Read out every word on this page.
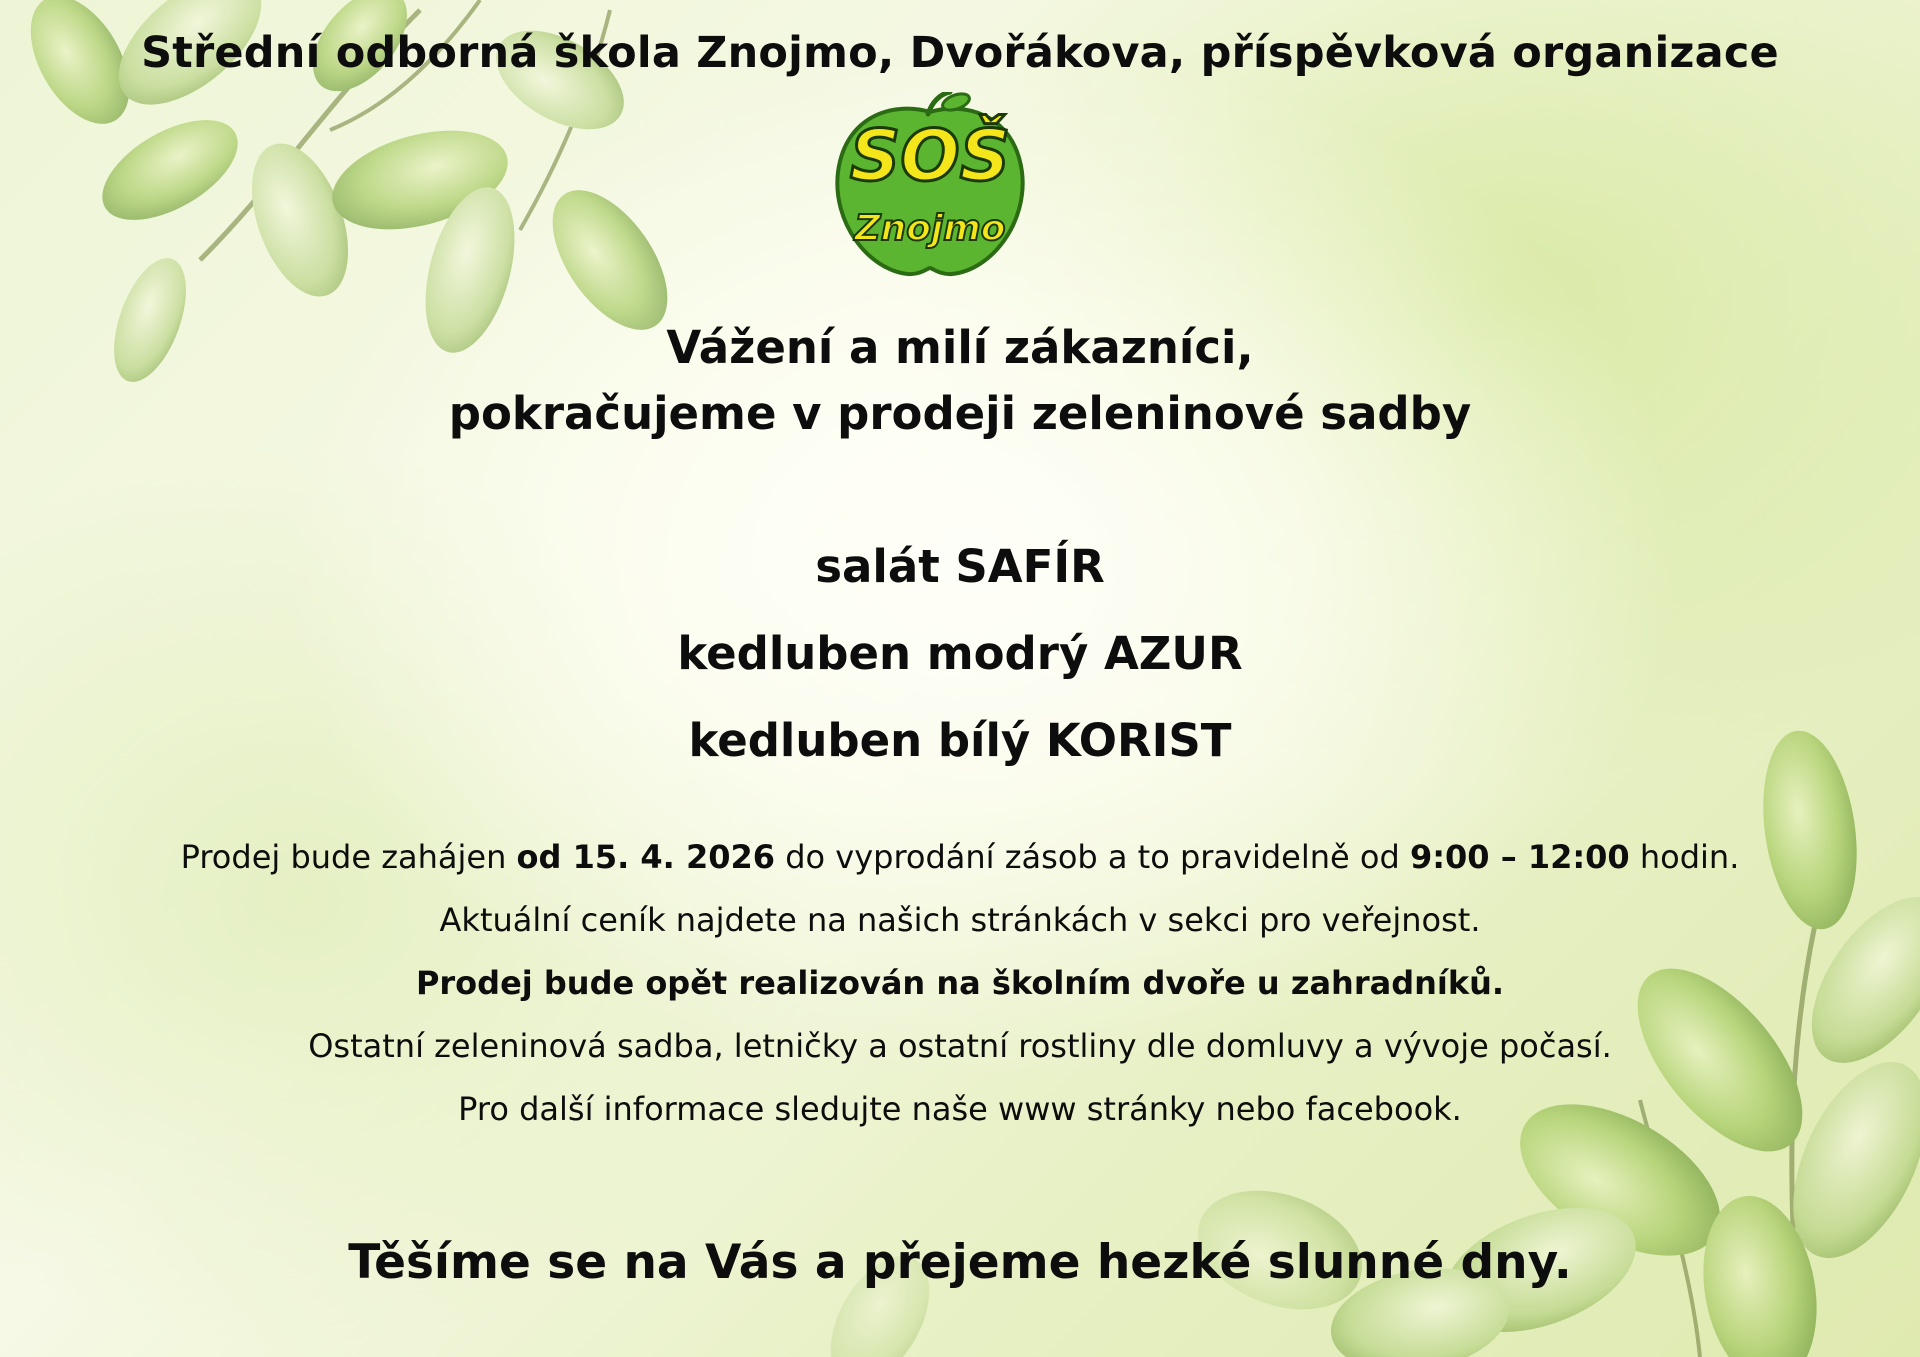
SOŠ
Znojmo
Střední odborná škola Znojmo, Dvořákova, příspěvková organizace
Vážení a milí zákazníci,
pokračujeme v prodeji zeleninové sadby
salát SAFÍR
kedluben modrý AZUR
kedluben bílý KORIST
Prodej bude zahájen od 15. 4. 2026 do vyprodání zásob a to pravidelně od 9:00 – 12:00 hodin.
Aktuální ceník najdete na našich stránkách v sekci pro veřejnost.
Prodej bude opět realizován na školním dvoře u zahradníků.
Ostatní zeleninová sadba, letničky a ostatní rostliny dle domluvy a vývoje počasí.
Pro další informace sledujte naše www stránky nebo facebook.
Těšíme se na Vás a přejeme hezké slunné dny.
